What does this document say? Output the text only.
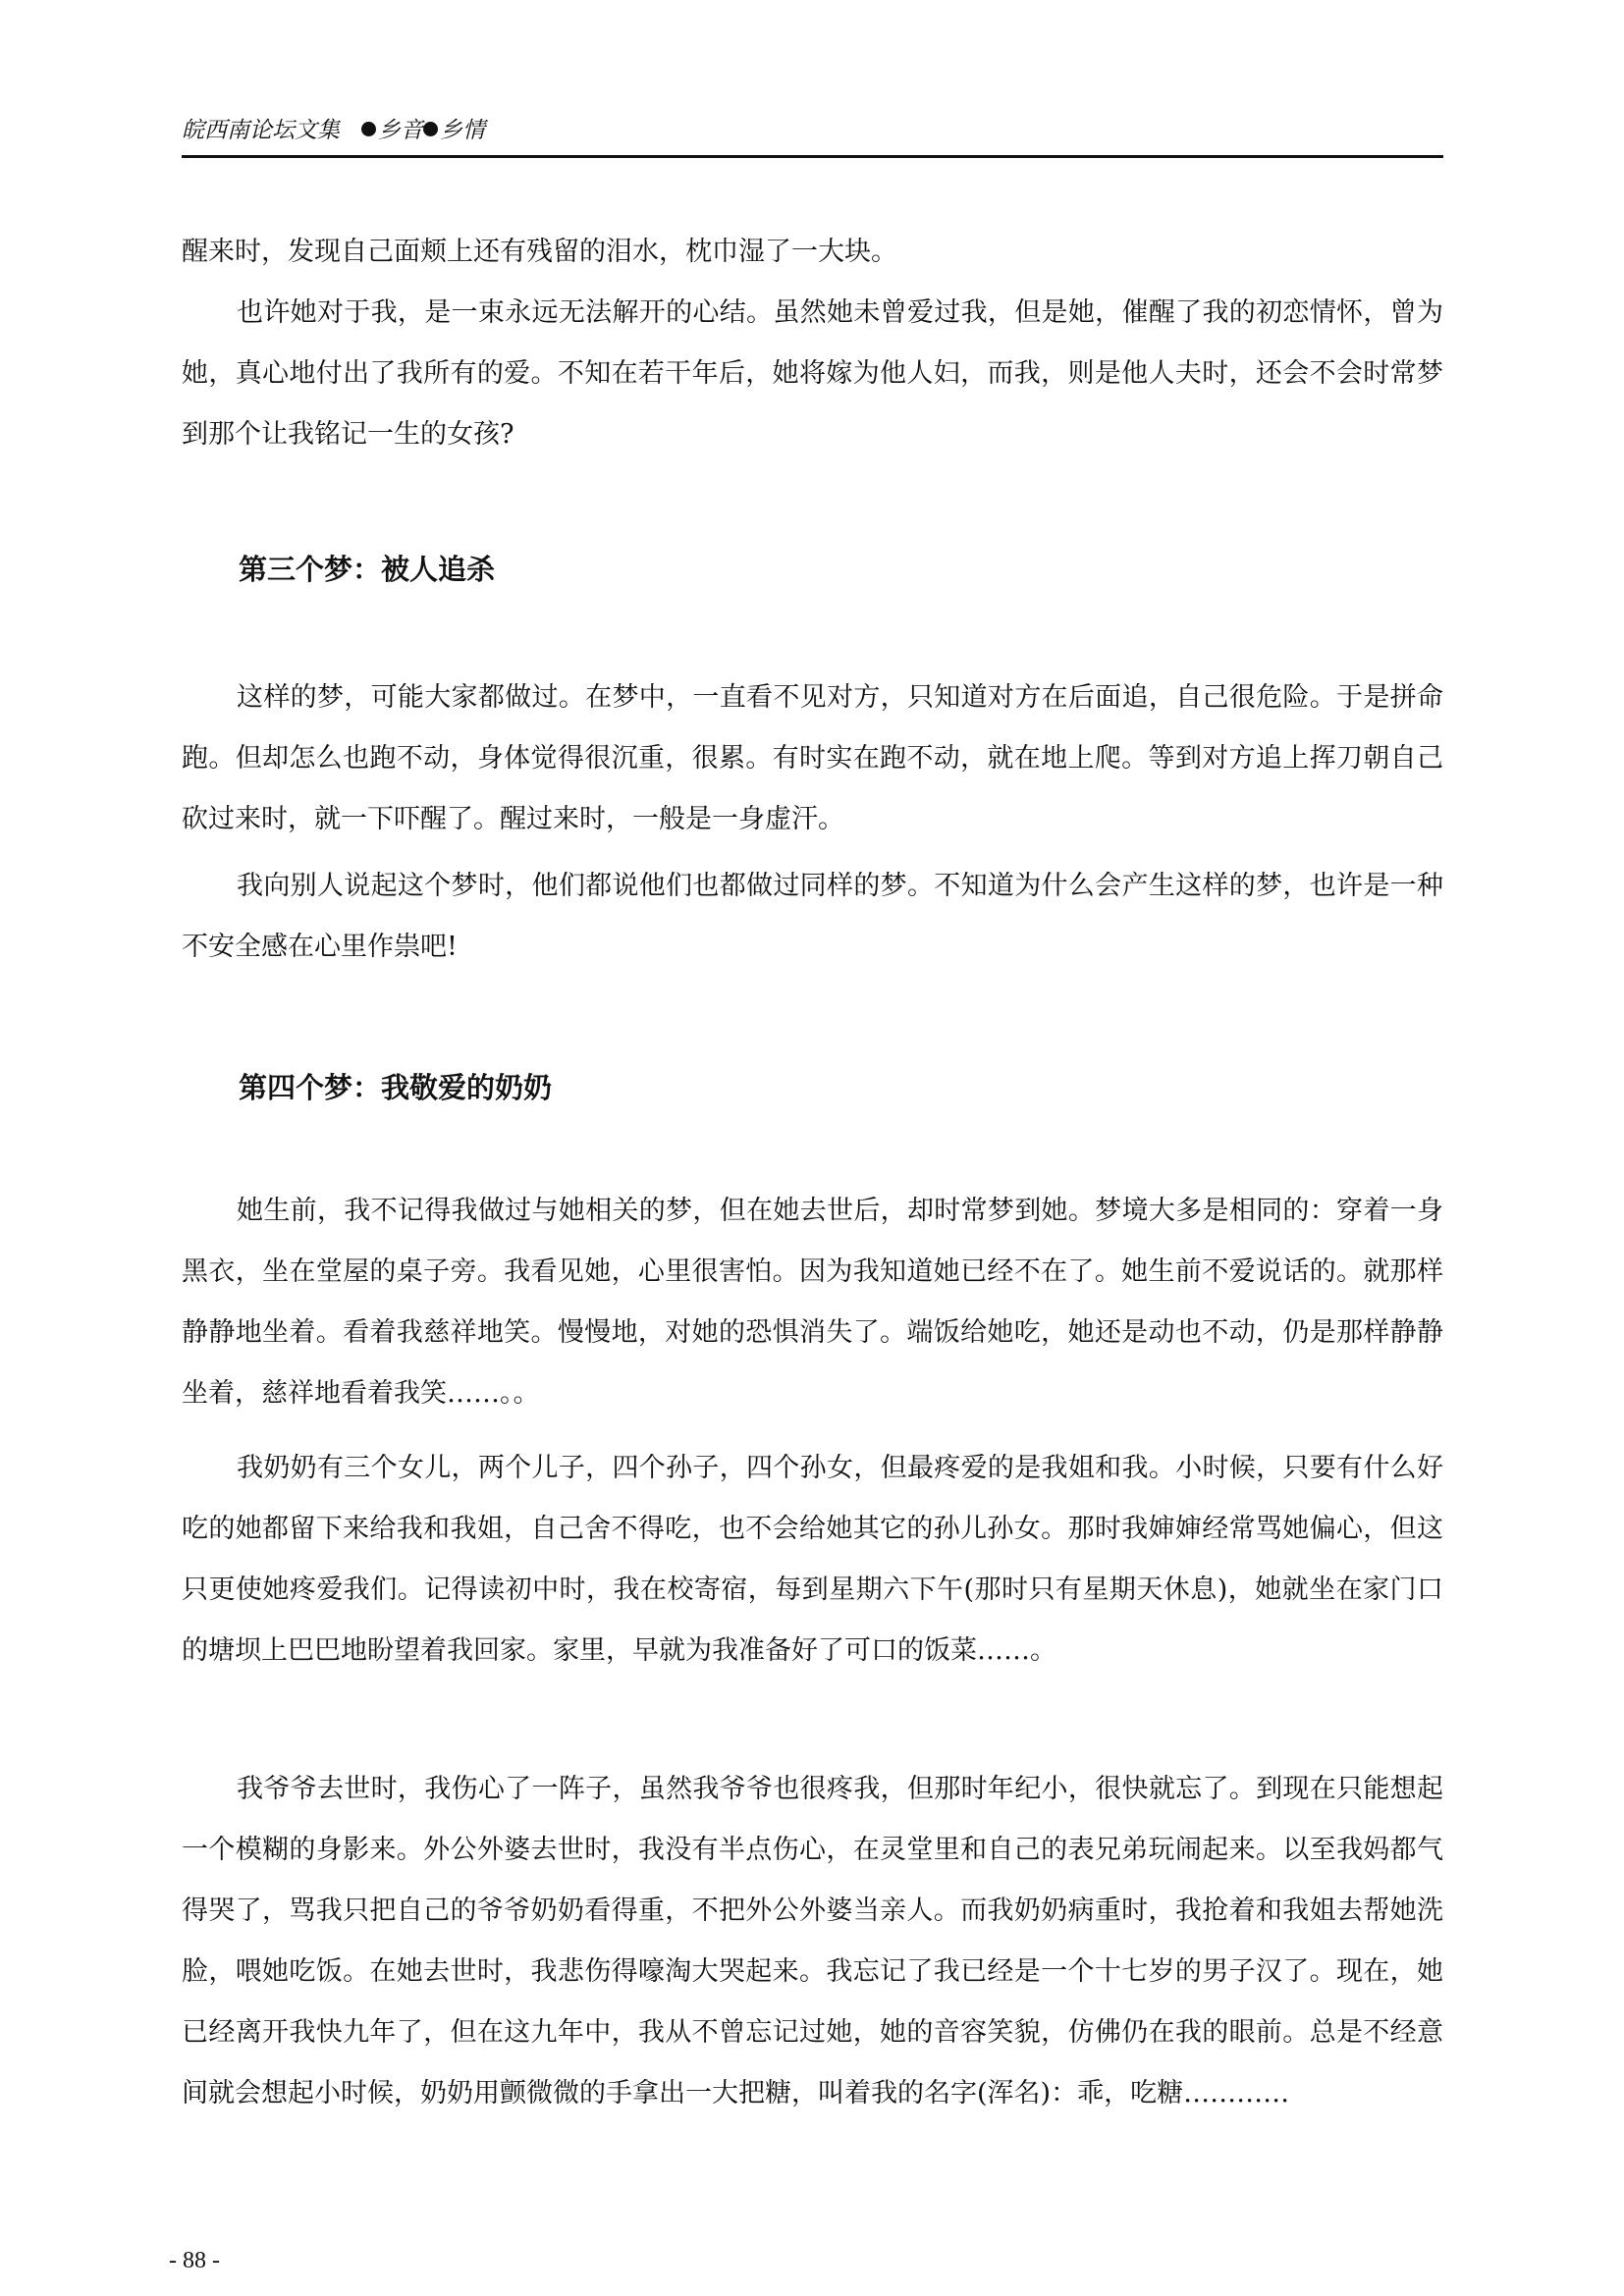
皖西南论坛文集 乡音 乡情

醒来时，发现自己面颊上还有残留的泪水，枕巾湿了一大块。

也许她对于我，是一束永远无法解开的心结。虽然她未曾爱过我，但是她，催醒了我的初恋情怀，曾为她，真心地付出了我所有的爱。不知在若干年后，她将嫁为他人妇，而我，则是他人夫时，还会不会时常梦到那个让我铭记一生的女孩?

第三个梦：被人追杀

这样的梦，可能大家都做过。在梦中，一直看不见对方，只知道对方在后面追，自己很危险。于是拼命跑。但却怎么也跑不动，身体觉得很沉重，很累。有时实在跑不动，就在地上爬。等到对方追上挥刀朝自己砍过来时，就一下吓醒了。醒过来时，一般是一身虚汗。

我向别人说起这个梦时，他们都说他们也都做过同样的梦。不知道为什么会产生这样的梦，也许是一种不安全感在心里作祟吧!

第四个梦：我敬爱的奶奶

她生前，我不记得我做过与她相关的梦，但在她去世后，却时常梦到她。梦境大多是相同的：穿着一身黑衣，坐在堂屋的桌子旁。我看见她，心里很害怕。因为我知道她已经不在了。她生前不爱说话的。就那样静静地坐着。看着我慈祥地笑。慢慢地，对她的恐惧消失了。端饭给她吃，她还是动也不动，仍是那样静静坐着，慈祥地看着我笑……。。

我奶奶有三个女儿，两个儿子，四个孙子，四个孙女，但最疼爱的是我姐和我。小时候，只要有什么好吃的她都留下来给我和我姐，自己舍不得吃，也不会给她其它的孙儿孙女。那时我婶婶经常骂她偏心，但这只更使她疼爱我们。记得读初中时，我在校寄宿，每到星期六下午(那时只有星期天休息)，她就坐在家门口的塘坝上巴巴地盼望着我回家。家里，早就为我准备好了可口的饭菜……。

我爷爷去世时，我伤心了一阵子，虽然我爷爷也很疼我，但那时年纪小，很快就忘了。到现在只能想起一个模糊的身影来。外公外婆去世时，我没有半点伤心，在灵堂里和自己的表兄弟玩闹起来。以至我妈都气得哭了，骂我只把自己的爷爷奶奶看得重，不把外公外婆当亲人。而我奶奶病重时，我抢着和我姐去帮她洗脸，喂她吃饭。在她去世时，我悲伤得嚎淘大哭起来。我忘记了我已经是一个十七岁的男子汉了。现在，她已经离开我快九年了，但在这九年中，我从不曾忘记过她，她的音容笑貌，仿佛仍在我的眼前。总是不经意间就会想起小时候，奶奶用颤微微的手拿出一大把糖，叫着我的名字(浑名)：乖，吃糖…………

- 88 -
